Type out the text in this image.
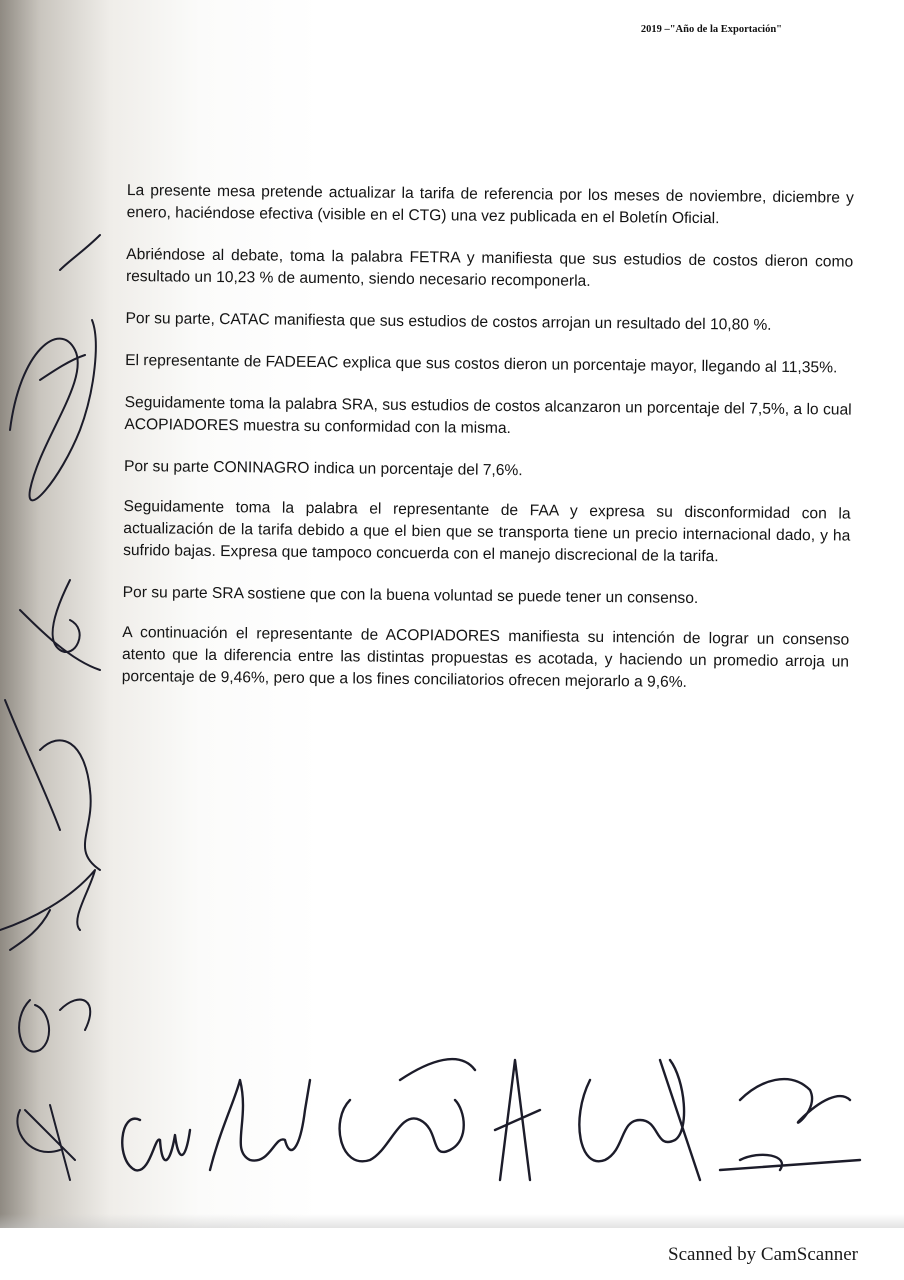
2019 –"Año de la Exportación"

La presente mesa pretende actualizar la tarifa de referencia por los meses de noviembre, diciembre y enero, haciéndose efectiva (visible en el CTG) una vez publicada en el Boletín Oficial.

Abriéndose al debate, toma la palabra FETRA y manifiesta que sus estudios de costos dieron como resultado un 10,23 % de aumento, siendo necesario recomponerla.

Por su parte, CATAC manifiesta que sus estudios de costos arrojan un resultado del 10,80 %.

El representante de FADEEAC explica que sus costos dieron un porcentaje mayor, llegando al 11,35%.

Seguidamente toma la palabra SRA, sus estudios de costos alcanzaron un porcentaje del 7,5%, a lo cual ACOPIADORES muestra su conformidad con la misma.

Por su parte CONINAGRO indica un porcentaje del 7,6%.

Seguidamente toma la palabra el representante de FAA y expresa su disconformidad con la actualización de la tarifa debido a que el bien que se transporta tiene un precio internacional dado, y ha sufrido bajas. Expresa que tampoco concuerda con el manejo discrecional de la tarifa.

Por su parte SRA sostiene que con la buena voluntad se puede tener un consenso.

A continuación el representante de ACOPIADORES manifiesta su intención de lograr un consenso atento que la diferencia entre las distintas propuestas es acotada, y haciendo un promedio arroja un porcentaje de 9,46%, pero que a los fines conciliatorios ofrecen mejorarlo a 9,6%.

Scanned by CamScanner
